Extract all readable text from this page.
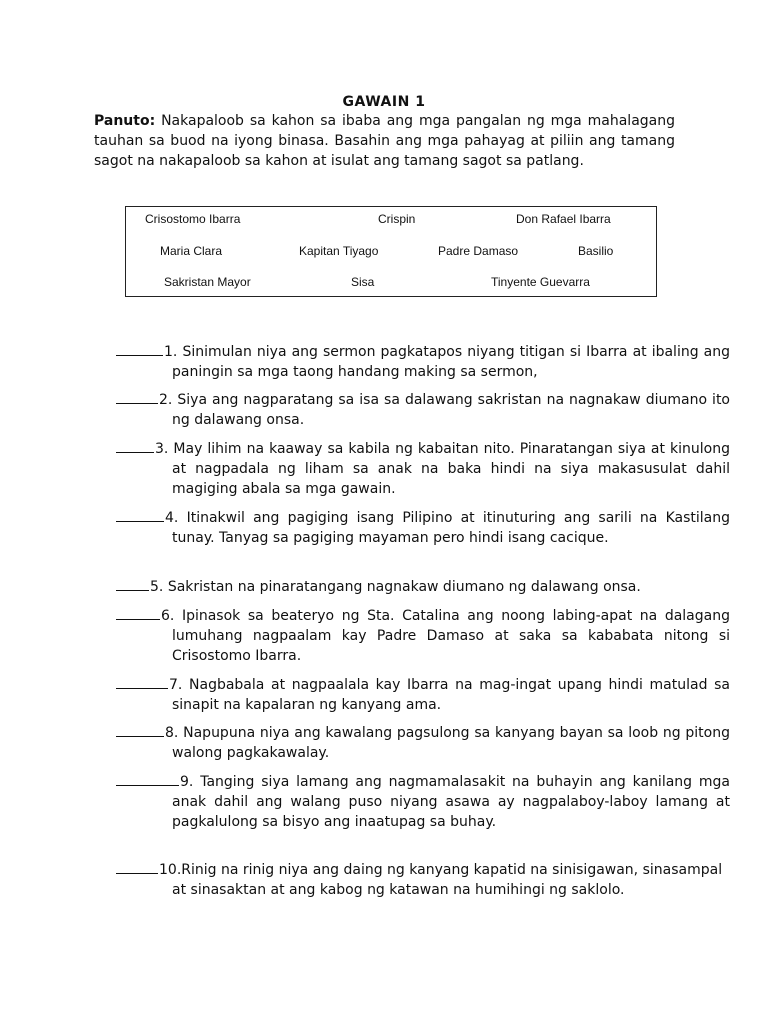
GAWAIN 1

Panuto: Nakapaloob sa kahon sa ibaba ang mga pangalan ng mga mahalagang tauhan sa buod na iyong binasa. Basahin ang mga pahayag at piliin ang tamang sagot na nakapaloob sa kahon at isulat ang tamang sagot sa patlang.

Crisostomo Ibarra	Crispin	Don Rafael Ibarra
Maria Clara	Kapitan Tiyago	Padre Damaso	Basilio
Sakristan Mayor	Sisa	Tinyente Guevarra

1. Sinimulan niya ang sermon pagkatapos niyang titigan si Ibarra at ibaling ang paningin sa mga taong handang making sa sermon,

2. Siya ang nagparatang sa isa sa dalawang sakristan na nagnakaw diumano ito ng dalawang onsa.

3. May lihim na kaaway sa kabila ng kabaitan nito. Pinaratangan siya at kinulong at nagpadala ng liham sa anak na baka hindi na siya makasusulat dahil magiging abala sa mga gawain.

4. Itinakwil ang pagiging isang Pilipino at itinuturing ang sarili na Kastilang tunay. Tanyag sa pagiging mayaman pero hindi isang cacique.

5. Sakristan na pinaratangang nagnakaw diumano ng dalawang onsa.

6. Ipinasok sa beateryo ng Sta. Catalina ang noong labing-apat na dalagang lumuhang nagpaalam kay Padre Damaso at saka sa kababata nitong si Crisostomo Ibarra.

7. Nagbabala at nagpaalala kay Ibarra na mag-ingat upang hindi matulad sa sinapit na kapalaran ng kanyang ama.

8. Napupuna niya ang kawalang pagsulong sa kanyang bayan sa loob ng pitong walong pagkakawalay.

9. Tanging siya lamang ang nagmamalasakit na buhayin ang kanilang mga anak dahil ang walang puso niyang asawa ay nagpalaboy-laboy lamang at pagkalulong sa bisyo ang inaatupag sa buhay.

10.Rinig na rinig niya ang daing ng kanyang kapatid na sinisigawan, sinasampal at sinasaktan at ang kabog ng katawan na humihingi ng saklolo.
